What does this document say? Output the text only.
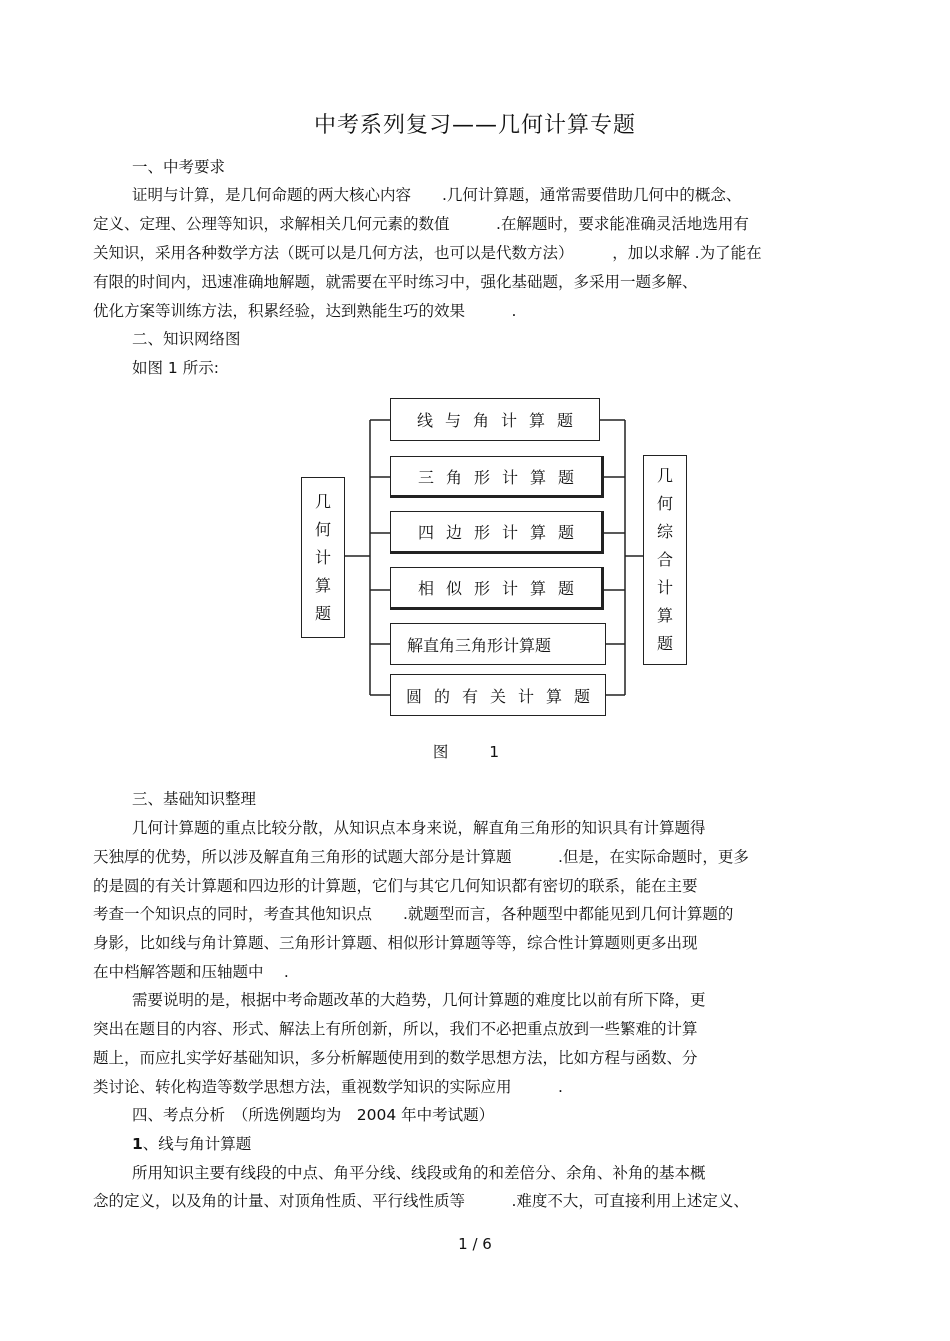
中考系列复习——几何计算专题
一、中考要求
证明与计算，是几何命题的两大核心内容　　.几何计算题，通常需要借助几何中的概念、
定义、定理、公理等知识，求解相关几何元素的数值　　　.在解题时，要求能准确灵活地选用有
关知识，采用各种数学方法（既可以是几何方法，也可以是代数方法）　　　，加以求解 .为了能在
有限的时间内，迅速准确地解题，就需要在平时练习中，强化基础题，多采用一题多解、
优化方案等训练方法，积累经验，达到熟能生巧的效果　　　.
二、知识网络图
如图 1 所示:
几
何
计
算
题
几
何
综
合
计
算
题
线与角计算题
三角形计算题
四边形计算题
相似形计算题
解直角三角形计算题
圆的有关计算题
图 1
三、基础知识整理
几何计算题的重点比较分散，从知识点本身来说，解直角三角形的知识具有计算题得
天独厚的优势，所以涉及解直角三角形的试题大部分是计算题　　　.但是，在实际命题时，更多
的是圆的有关计算题和四边形的计算题，它们与其它几何知识都有密切的联系，能在主要
考查一个知识点的同时，考查其他知识点　　.就题型而言，各种题型中都能见到几何计算题的
身影，比如线与角计算题、三角形计算题、相似形计算题等等，综合性计算题则更多出现
在中档解答题和压轴题中　 .
需要说明的是，根据中考命题改革的大趋势，几何计算题的难度比以前有所下降，更
突出在题目的内容、形式、解法上有所创新，所以，我们不必把重点放到一些繁难的计算
题上，而应扎实学好基础知识，多分析解题使用到的数学思想方法，比如方程与函数、分
类讨论、转化构造等数学思想方法，重视数学知识的实际应用　　　.
四、考点分析　（所选例题均为　2004 年中考试题）
1、线与角计算题
所用知识主要有线段的中点、角平分线、线段或角的和差倍分、余角、补角的基本概
念的定义，以及角的计量、对顶角性质、平行线性质等　　　.难度不大，可直接利用上述定义、
1 / 6
